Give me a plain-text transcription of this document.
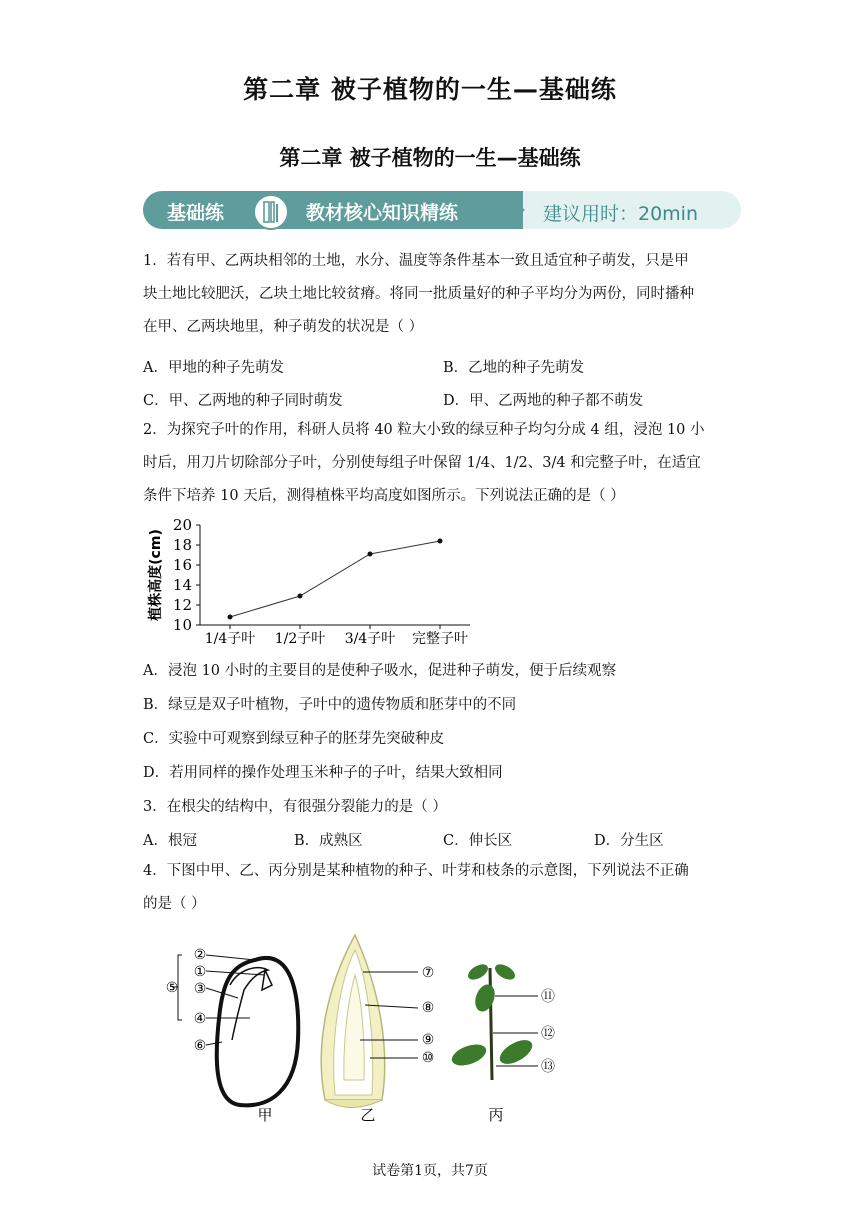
第二章 被子植物的一生—基础练
第二章 被子植物的一生—基础练
基础练	教材核心知识精练	建议用时：20min
1．若有甲、乙两块相邻的土地，水分、温度等条件基本一致且适宜种子萌发，只是甲
块土地比较肥沃，乙块土地比较贫瘠。将同一批质量好的种子平均分为两份，同时播种
在甲、乙两块地里，种子萌发的状况是（ ）
A．甲地的种子先萌发	B．乙地的种子先萌发
C．甲、乙两地的种子同时萌发	D．甲、乙两地的种子都不萌发
2．为探究子叶的作用，科研人员将 40 粒大小致的绿豆种子均匀分成 4 组，浸泡 10 小
时后，用刀片切除部分子叶，分别使每组子叶保留 1/4、1/2、3/4 和完整子叶，在适宜
条件下培养 10 天后，测得植株平均高度如图所示。下列说法正确的是（ ）
10
12
14
16
18
20
植株高度(cm)
1/4子叶 1/2子叶 3/4子叶 完整子叶
A．浸泡 10 小时的主要目的是使种子吸水，促进种子萌发，便于后续观察
B．绿豆是双子叶植物，子叶中的遗传物质和胚芽中的不同
C．实验中可观察到绿豆种子的胚芽先突破种皮
D．若用同样的操作处理玉米种子的子叶，结果大致相同
3．在根尖的结构中，有很强分裂能力的是（ ）
A．根冠	B．成熟区	C．伸长区	D．分生区
4．下图中甲、乙、丙分别是某种植物的种子、叶芽和枝条的示意图，下列说法不正确
的是（ ）
②
①
③
⑤
④
⑥
甲
⑦
⑧
⑨
⑩
乙
⑪
⑫
⑬
丙
试卷第1页，共7页
